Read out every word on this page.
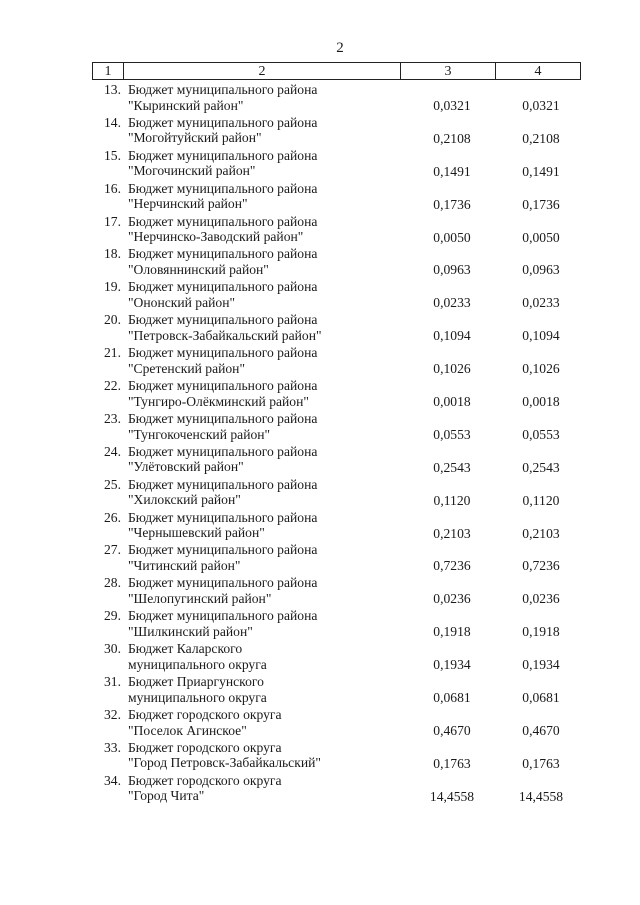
2
1	2	3	4
13. Бюджет муниципального района
"Кыринский район"	0,0321	0,0321
14. Бюджет муниципального района
"Могойтуйский район"	0,2108	0,2108
15. Бюджет муниципального района
"Могочинский район"	0,1491	0,1491
16. Бюджет муниципального района
"Нерчинский район"	0,1736	0,1736
17. Бюджет муниципального района
"Нерчинско-Заводский район"	0,0050	0,0050
18. Бюджет муниципального района
"Оловяннинский район"	0,0963	0,0963
19. Бюджет муниципального района
"Ононский район"	0,0233	0,0233
20. Бюджет муниципального района
"Петровск-Забайкальский район"	0,1094	0,1094
21. Бюджет муниципального района
"Сретенский район"	0,1026	0,1026
22. Бюджет муниципального района
"Тунгиро-Олёкминский район"	0,0018	0,0018
23. Бюджет муниципального района
"Тунгокоченский район"	0,0553	0,0553
24. Бюджет муниципального района
"Улётовский район"	0,2543	0,2543
25. Бюджет муниципального района
"Хилокский район"	0,1120	0,1120
26. Бюджет муниципального района
"Чернышевский район"	0,2103	0,2103
27. Бюджет муниципального района
"Читинский район"	0,7236	0,7236
28. Бюджет муниципального района
"Шелопугинский район"	0,0236	0,0236
29. Бюджет муниципального района
"Шилкинский район"	0,1918	0,1918
30. Бюджет Каларского
муниципального округа	0,1934	0,1934
31. Бюджет Приаргунского
муниципального округа	0,0681	0,0681
32. Бюджет городского округа
"Поселок Агинское"	0,4670	0,4670
33. Бюджет городского округа
"Город Петровск-Забайкальский"	0,1763	0,1763
34. Бюджет городского округа
"Город Чита"	14,4558	14,4558
